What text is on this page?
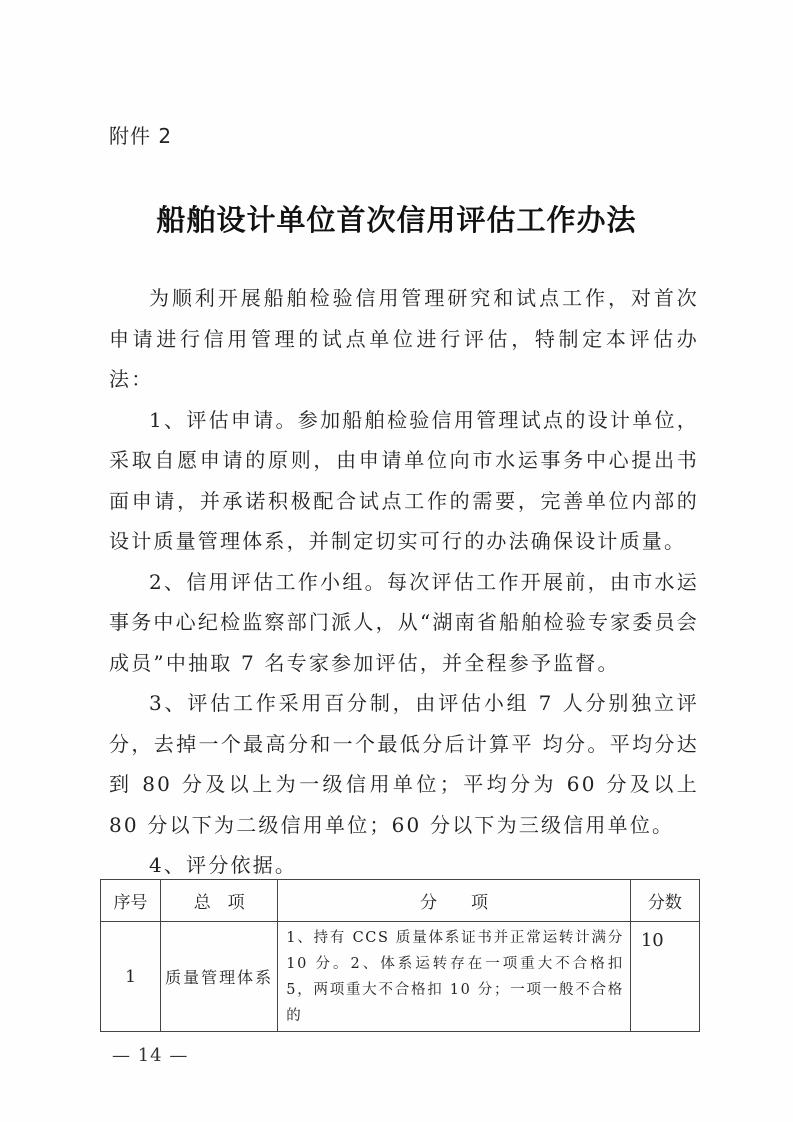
附件 2
船舶设计单位首次信用评估工作办法

为顺利开展船舶检验信用管理研究和试点工作，对首次申请进行信用管理的试点单位进行评估，特制定本评估办法：

1、评估申请。参加船舶检验信用管理试点的设计单位，采取自愿申请的原则，由申请单位向市水运事务中心提出书面申请，并承诺积极配合试点工作的需要，完善单位内部的设计质量管理体系，并制定切实可行的办法确保设计质量。

2、信用评估工作小组。每次评估工作开展前，由市水运事务中心纪检监察部门派人，从“湖南省船舶检验专家委员会成员”中抽取 7 名专家参加评估，并全程参予监督。

3、评估工作采用百分制，由评估小组 7 人分别独立评分，去掉一个最高分和一个最低分后计算平 均分。平均分达到 80 分及以上为一级信用单位；平均分为 60 分及以上 80 分以下为二级信用单位；60 分以下为三级信用单位。

4、评分依据。

序号	总　项	分　　项	分数
1	质量管理体系	1、持有 CCS 质量体系证书并正常运转计满分 10 分。2、体系运转存在一项重大不合格扣 5，两项重大不合格扣 10 分；一项一般不合格的	10
— 14 —
